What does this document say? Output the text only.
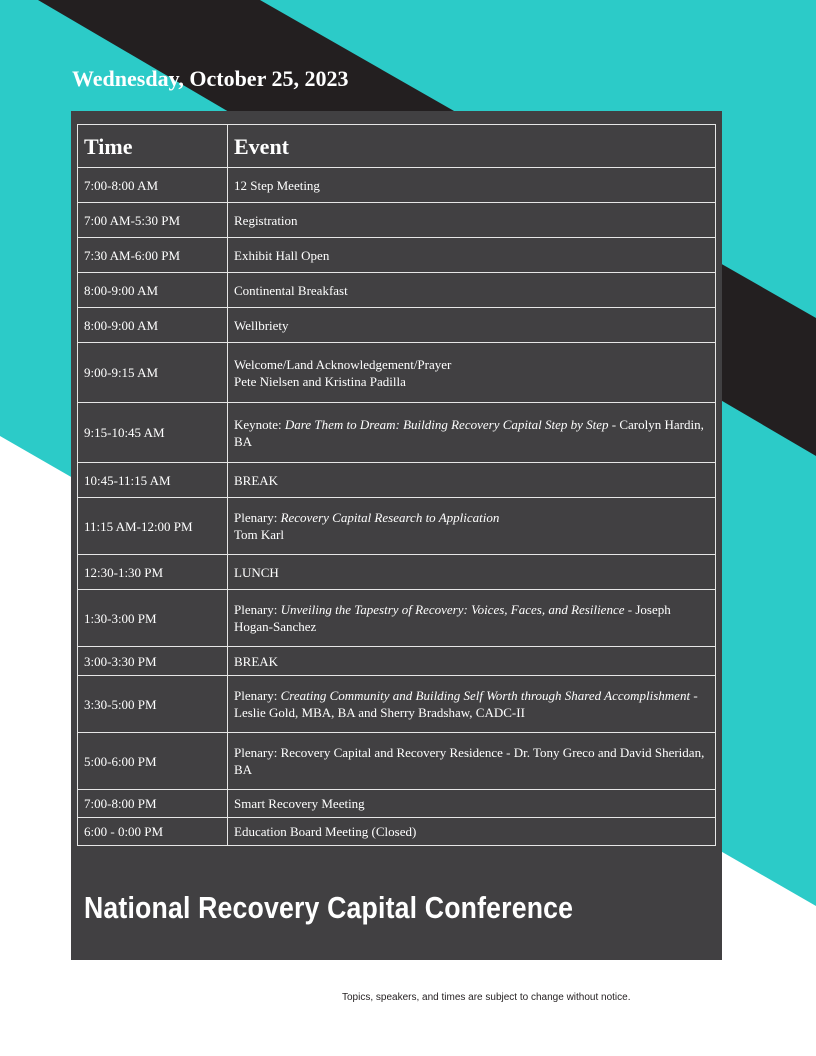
Wednesday, October 25, 2023
Time	Event
7:00-8:00 AM	12 Step Meeting

7:00 AM-5:30 PM	Registration

7:30 AM-6:00 PM	Exhibit Hall Open

8:00-9:00 AM	Continental Breakfast

8:00-9:00 AM	Wellbriety

9:00-9:15 AM	Welcome/Land Acknowledgement/Prayer
Pete Nielsen and Kristina Padilla

9:15-10:45 AM	Keynote: Dare Them to Dream: Building Recovery Capital Step by Step - Carolyn Hardin, BA

10:45-11:15 AM	BREAK

11:15 AM-12:00 PM	Plenary: Recovery Capital Research to Application
Tom Karl

12:30-1:30 PM	LUNCH

1:30-3:00 PM	Plenary: Unveiling the Tapestry of Recovery: Voices, Faces, and Resilience - Joseph Hogan-Sanchez

3:00-3:30 PM	BREAK

3:30-5:00 PM	Plenary: Creating Community and Building Self Worth through Shared Accomplishment -
Leslie Gold, MBA, BA and Sherry Bradshaw, CADC-II

5:00-6:00 PM	Plenary: Recovery Capital and Recovery Residence - Dr. Tony Greco and David Sheridan, BA

7:00-8:00 PM	Smart Recovery Meeting

6:00 - 0:00 PM	Education Board Meeting (Closed)
National Recovery Capital Conference
Topics, speakers, and times are subject to change without notice.
